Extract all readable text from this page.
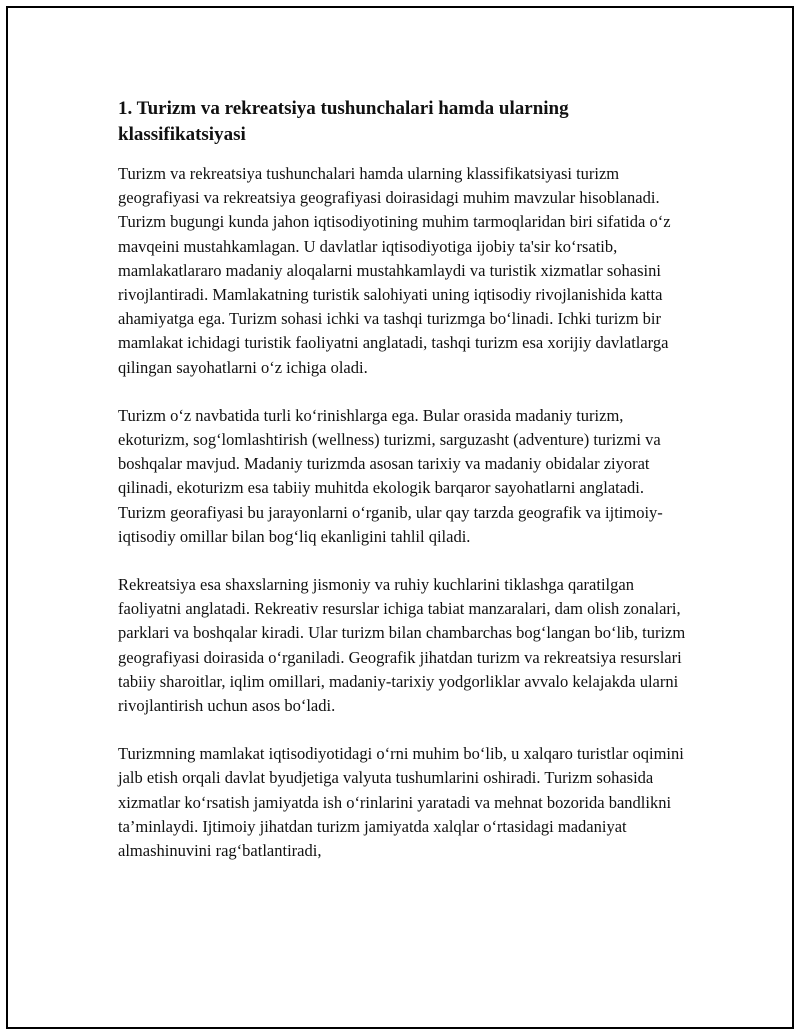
1. Turizm va rekreatsiya tushunchalari hamda ularning klassifikatsiyasi

Turizm va rekreatsiya tushunchalari hamda ularning klassifikatsiyasi turizm geografiyasi va rekreatsiya geografiyasi doirasidagi muhim mavzular hisoblanadi. Turizm bugungi kunda jahon iqtisodiyotining muhim tarmoqlaridan biri sifatida o‘z mavqeini mustahkamlagan. U davlatlar iqtisodiyotiga ijobiy ta'sir ko‘rsatib, mamlakatlararo madaniy aloqalarni mustahkamlaydi va turistik xizmatlar sohasini rivojlantiradi. Mamlakatning turistik salohiyati uning iqtisodiy rivojlanishida katta ahamiyatga ega. Turizm sohasi ichki va tashqi turizmga bo‘linadi. Ichki turizm bir mamlakat ichidagi turistik faoliyatni anglatadi, tashqi turizm esa xorijiy davlatlarga qilingan sayohatlarni o‘z ichiga oladi.

Turizm o‘z navbatida turli ko‘rinishlarga ega. Bular orasida madaniy turizm, ekoturizm, sog‘lomlashtirish (wellness) turizmi, sarguzasht (adventure) turizmi va boshqalar mavjud. Madaniy turizmda asosan tarixiy va madaniy obidalar ziyorat qilinadi, ekoturizm esa tabiiy muhitda ekologik barqaror sayohatlarni anglatadi. Turizm georafiyasi bu jarayonlarni o‘rganib, ular qay tarzda geografik va ijtimoiy-iqtisodiy omillar bilan bog‘liq ekanligini tahlil qiladi.

Rekreatsiya esa shaxslarning jismoniy va ruhiy kuchlarini tiklashga qaratilgan faoliyatni anglatadi. Rekreativ resurslar ichiga tabiat manzaralari, dam olish zonalari, parklari va boshqalar kiradi. Ular turizm bilan chambarchas bog‘langan bo‘lib, turizm geografiyasi doirasida o‘rganiladi. Geografik jihatdan turizm va rekreatsiya resurslari tabiiy sharoitlar, iqlim omillari, madaniy-tarixiy yodgorliklar avvalo kelajakda ularni rivojlantirish uchun asos bo‘ladi.

Turizmning mamlakat iqtisodiyotidagi o‘rni muhim bo‘lib, u xalqaro turistlar oqimini jalb etish orqali davlat byudjetiga valyuta tushumlarini oshiradi. Turizm sohasida xizmatlar ko‘rsatish jamiyatda ish o‘rinlarini yaratadi va mehnat bozorida bandlikni ta’minlaydi. Ijtimoiy jihatdan turizm jamiyatda xalqlar o‘rtasidagi madaniyat almashinuvini rag‘batlantiradi,
